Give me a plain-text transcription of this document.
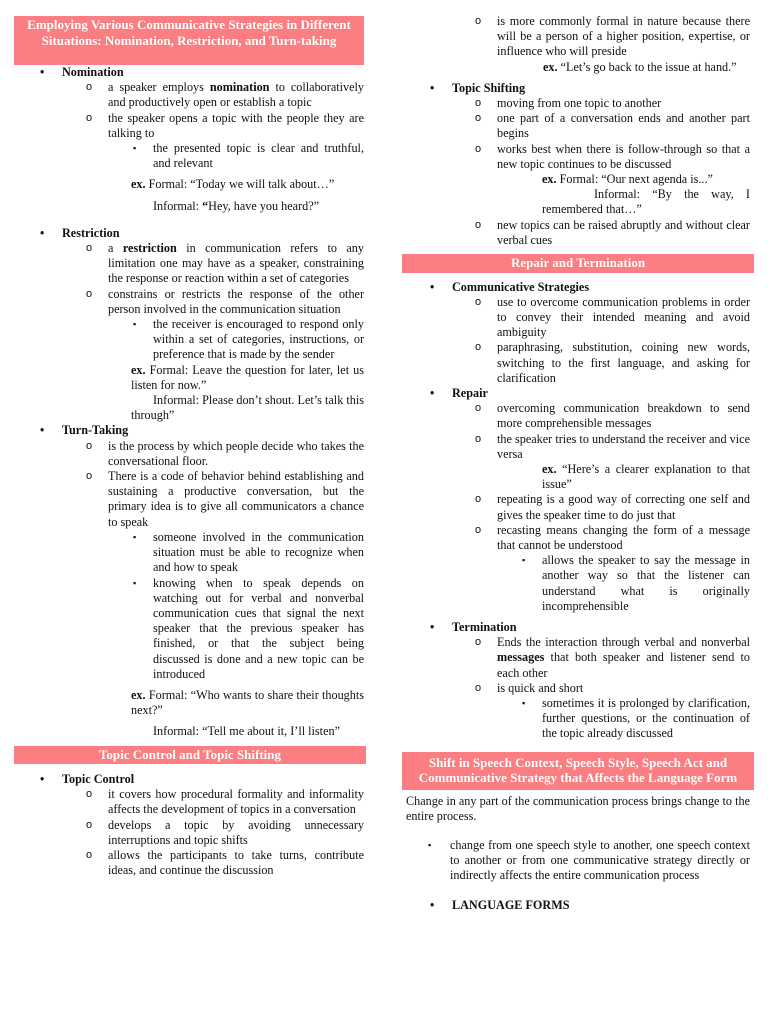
Employing Various Communicative Strategies in Different Situations: Nomination, Restriction, and Turn-taking
• Nomination
o a speaker employs nomination to collaboratively and productively open or establish a topic
o the speaker opens a topic with the people they are talking to
▪ the presented topic is clear and truthful, and relevant
ex. Formal: “Today we will talk about…”
Informal: “Hey, have you heard?”
• Restriction
o a restriction in communication refers to any limitation one may have as a speaker, constraining the response or reaction within a set of categories
o constrains or restricts the response of the other person involved in the communication situation
▪ the receiver is encouraged to respond only within a set of categories, instructions, or preference that is made by the sender
ex. Formal: Leave the question for later, let us listen for now.”
Informal: Please don’t shout. Let’s talk this through”
• Turn-Taking
o is the process by which people decide who takes the conversational floor.
o There is a code of behavior behind establishing and sustaining a productive conversation, but the primary idea is to give all communicators a chance to speak
▪ someone involved in the communication situation must be able to recognize when and how to speak
▪ knowing when to speak depends on watching out for verbal and nonverbal communication cues that signal the next speaker that the previous speaker has finished, or that the subject being discussed is done and a new topic can be introduced
ex. Formal: “Who wants to share their thoughts next?”
Informal: “Tell me about it, I’ll listen”
Topic Control and Topic Shifting
• Topic Control
o it covers how procedural formality and informality affects the development of topics in a conversation
o develops a topic by avoiding unnecessary interruptions and topic shifts
o allows the participants to take turns, contribute ideas, and continue the discussion
o is more commonly formal in nature because there will be a person of a higher position, expertise, or influence who will preside
ex. “Let’s go back to the issue at hand.”
• Topic Shifting
o moving from one topic to another
o one part of a conversation ends and another part begins
o works best when there is follow-through so that a new topic continues to be discussed
ex. Formal: “Our next agenda is...”
Informal: “By the way, I remembered that…”
o new topics can be raised abruptly and without clear verbal cues
Repair and Termination
• Communicative Strategies
o use to overcome communication problems in order to convey their intended meaning and avoid ambiguity
o paraphrasing, substitution, coining new words, switching to the first language, and asking for clarification
• Repair
o overcoming communication breakdown to send more comprehensible messages
o the speaker tries to understand the receiver and vice versa
ex. “Here’s a clearer explanation to that issue”
o repeating is a good way of correcting one self and gives the speaker time to do just that
o recasting means changing the form of a message that cannot be understood
▪ allows the speaker to say the message in another way so that the listener can understand what is originally incomprehensible
• Termination
o Ends the interaction through verbal and nonverbal messages that both speaker and listener send to each other
o is quick and short
▪ sometimes it is prolonged by clarification, further questions, or the continuation of the topic already discussed
Shift in Speech Context, Speech Style, Speech Act and Communicative Strategy that Affects the Language Form
Change in any part of the communication process brings change to the entire process.
▪ change from one speech style to another, one speech context to another or from one communicative strategy directly or indirectly affects the entire communication process
• LANGUAGE FORMS
